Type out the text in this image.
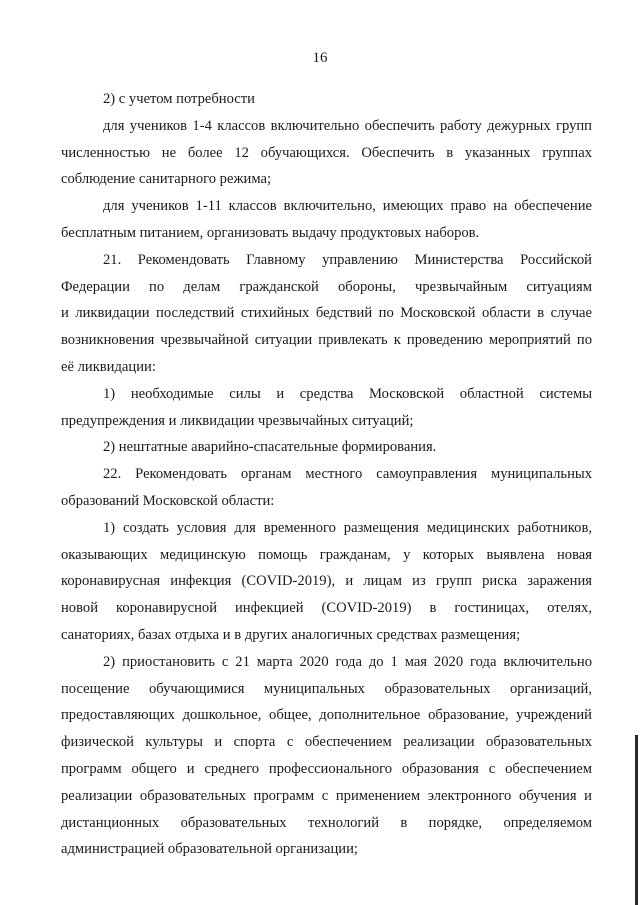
16
2) с учетом потребности
для учеников 1-4 классов включительно обеспечить работу дежурных групп
численностью не более 12 обучающихся. Обеспечить в указанных группах
соблюдение санитарного режима;
для учеников 1-11 классов включительно, имеющих право на обеспечение
бесплатным питанием, организовать выдачу продуктовых наборов.
21. Рекомендовать Главному управлению Министерства Российской
Федерации по делам гражданской обороны, чрезвычайным ситуациям
и ликвидации последствий стихийных бедствий по Московской области в случае
возникновения чрезвычайной ситуации привлекать к проведению мероприятий по
её ликвидации:
1) необходимые силы и средства Московской областной системы
предупреждения и ликвидации чрезвычайных ситуаций;
2) нештатные аварийно-спасательные формирования.
22. Рекомендовать органам местного самоуправления муниципальных
образований Московской области:
1) создать условия для временного размещения медицинских работников,
оказывающих медицинскую помощь гражданам, у которых выявлена новая
коронавирусная инфекция (COVID-2019), и лицам из групп риска заражения
новой коронавирусной инфекцией (COVID-2019) в гостиницах, отелях,
санаториях, базах отдыха и в других аналогичных средствах размещения;
2) приостановить с 21 марта 2020 года до 1 мая 2020 года включительно
посещение обучающимися муниципальных образовательных организаций,
предоставляющих дошкольное, общее, дополнительное образование, учреждений
физической культуры и спорта с обеспечением реализации образовательных
программ общего и среднего профессионального образования с обеспечением
реализации образовательных программ с применением электронного обучения и
дистанционных образовательных технологий в порядке, определяемом
администрацией образовательной организации;
